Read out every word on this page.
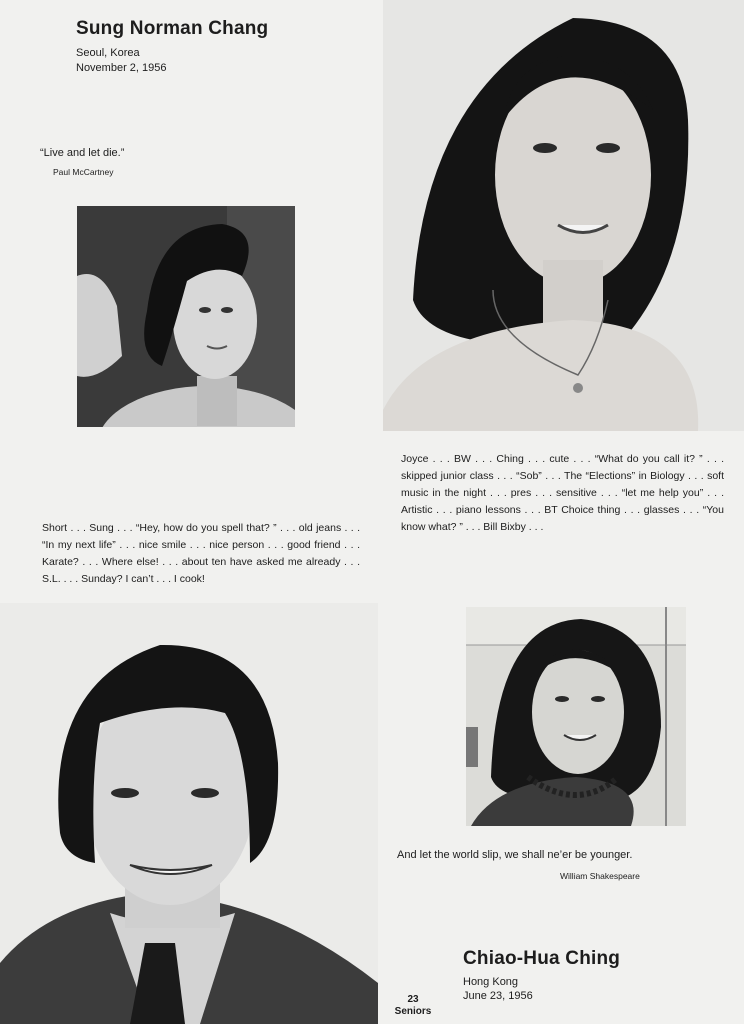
Sung Norman Chang
Seoul, Korea
November 2, 1956
“Live and let die.”
Paul McCartney
Short . . . Sung . . . “Hey, how do you spell that? ” . . . old jeans . . . “In my next life” . . . nice smile . . . nice person . . . good friend . . . Karate? . . . Where else! . . . about ten have asked me already . . . S.L. . . . Sunday? I can’t . . . I cook!
Joyce . . . BW . . . Ching . . . cute . . . “What do you call it? ” . . . skipped junior class . . . “Sob” . . . The “Elections” in Biology . . . soft music in the night . . . pres . . . sensitive . . . “let me help you” . . . Artistic . . . piano lessons . . . BT Choice thing . . . glasses . . . “You know what? ” . . . Bill Bixby . . .
And let the world slip, we shall ne’er be younger.
William Shakespeare
Chiao-Hua Ching
Hong Kong
June 23, 1956
23
Seniors
